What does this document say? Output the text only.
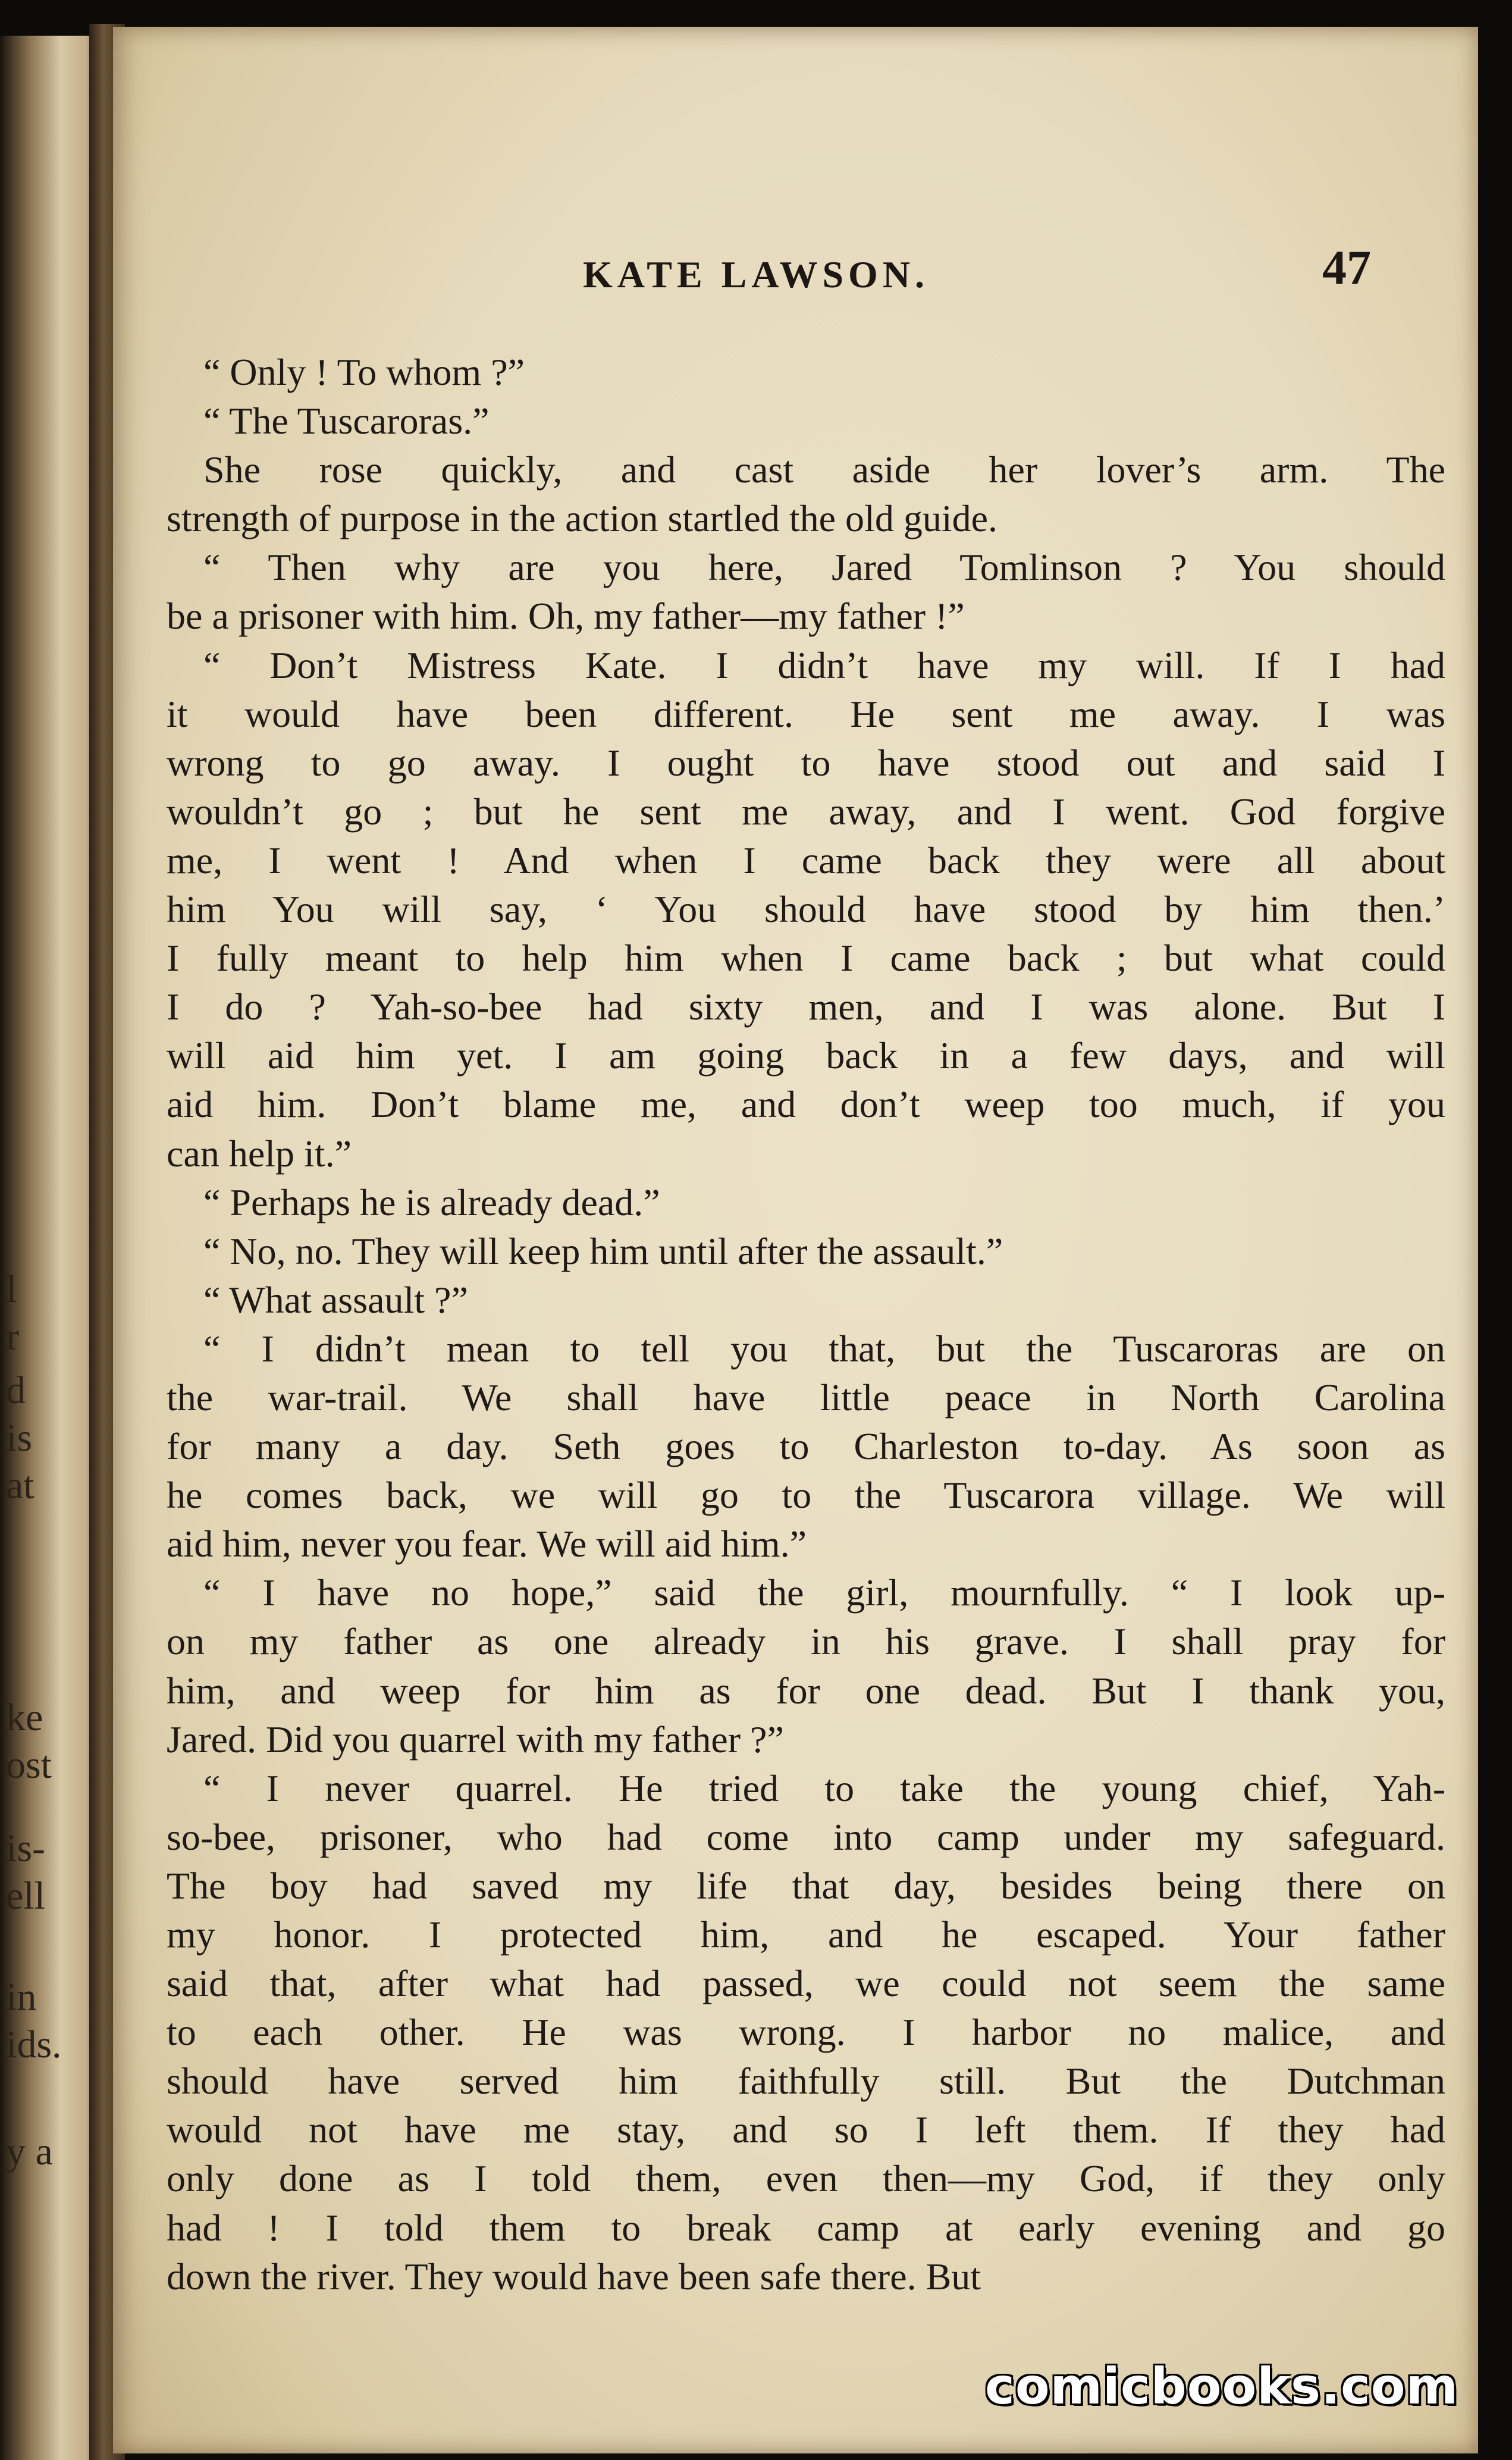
l
r
d
is
at
ke
ost
is-
ell
in
ids.
y a
KATE LAWSON.	47
“ Only ! To whom ?”
“ The Tuscaroras.”
She rose quickly, and cast aside her lover’s arm. The
strength of purpose in the action startled the old guide.
“ Then why are you here, Jared Tomlinson ? You should
be a prisoner with him. Oh, my father—my father !”
“ Don’t Mistress Kate. I didn’t have my will. If I had
it would have been different. He sent me away. I was
wrong to go away. I ought to have stood out and said I
wouldn’t go ; but he sent me away, and I went. God forgive
me, I went ! And when I came back they were all about
him You will say, ‘ You should have stood by him then.’
I fully meant to help him when I came back ; but what could
I do ? Yah-so-bee had sixty men, and I was alone. But I
will aid him yet. I am going back in a few days, and will
aid him. Don’t blame me, and don’t weep too much, if you
can help it.”
“ Perhaps he is already dead.”
“ No, no. They will keep him until after the assault.”
“ What assault ?”
“ I didn’t mean to tell you that, but the Tuscaroras are on
the war-trail. We shall have little peace in North Carolina
for many a day. Seth goes to Charleston to-day. As soon as
he comes back, we will go to the Tuscarora village. We will
aid him, never you fear. We will aid him.”
“ I have no hope,” said the girl, mournfully. “ I look up-
on my father as one already in his grave. I shall pray for
him, and weep for him as for one dead. But I thank you,
Jared. Did you quarrel with my father ?”
“ I never quarrel. He tried to take the young chief, Yah-
so-bee, prisoner, who had come into camp under my safeguard.
The boy had saved my life that day, besides being there on
my honor. I protected him, and he escaped. Your father
said that, after what had passed, we could not seem the same
to each other. He was wrong. I harbor no malice, and
should have served him faithfully still. But the Dutchman
would not have me stay, and so I left them. If they had
only done as I told them, even then—my God, if they only
had ! I told them to break camp at early evening and go
down the river. They would have been safe there. But
comicbooks.com
